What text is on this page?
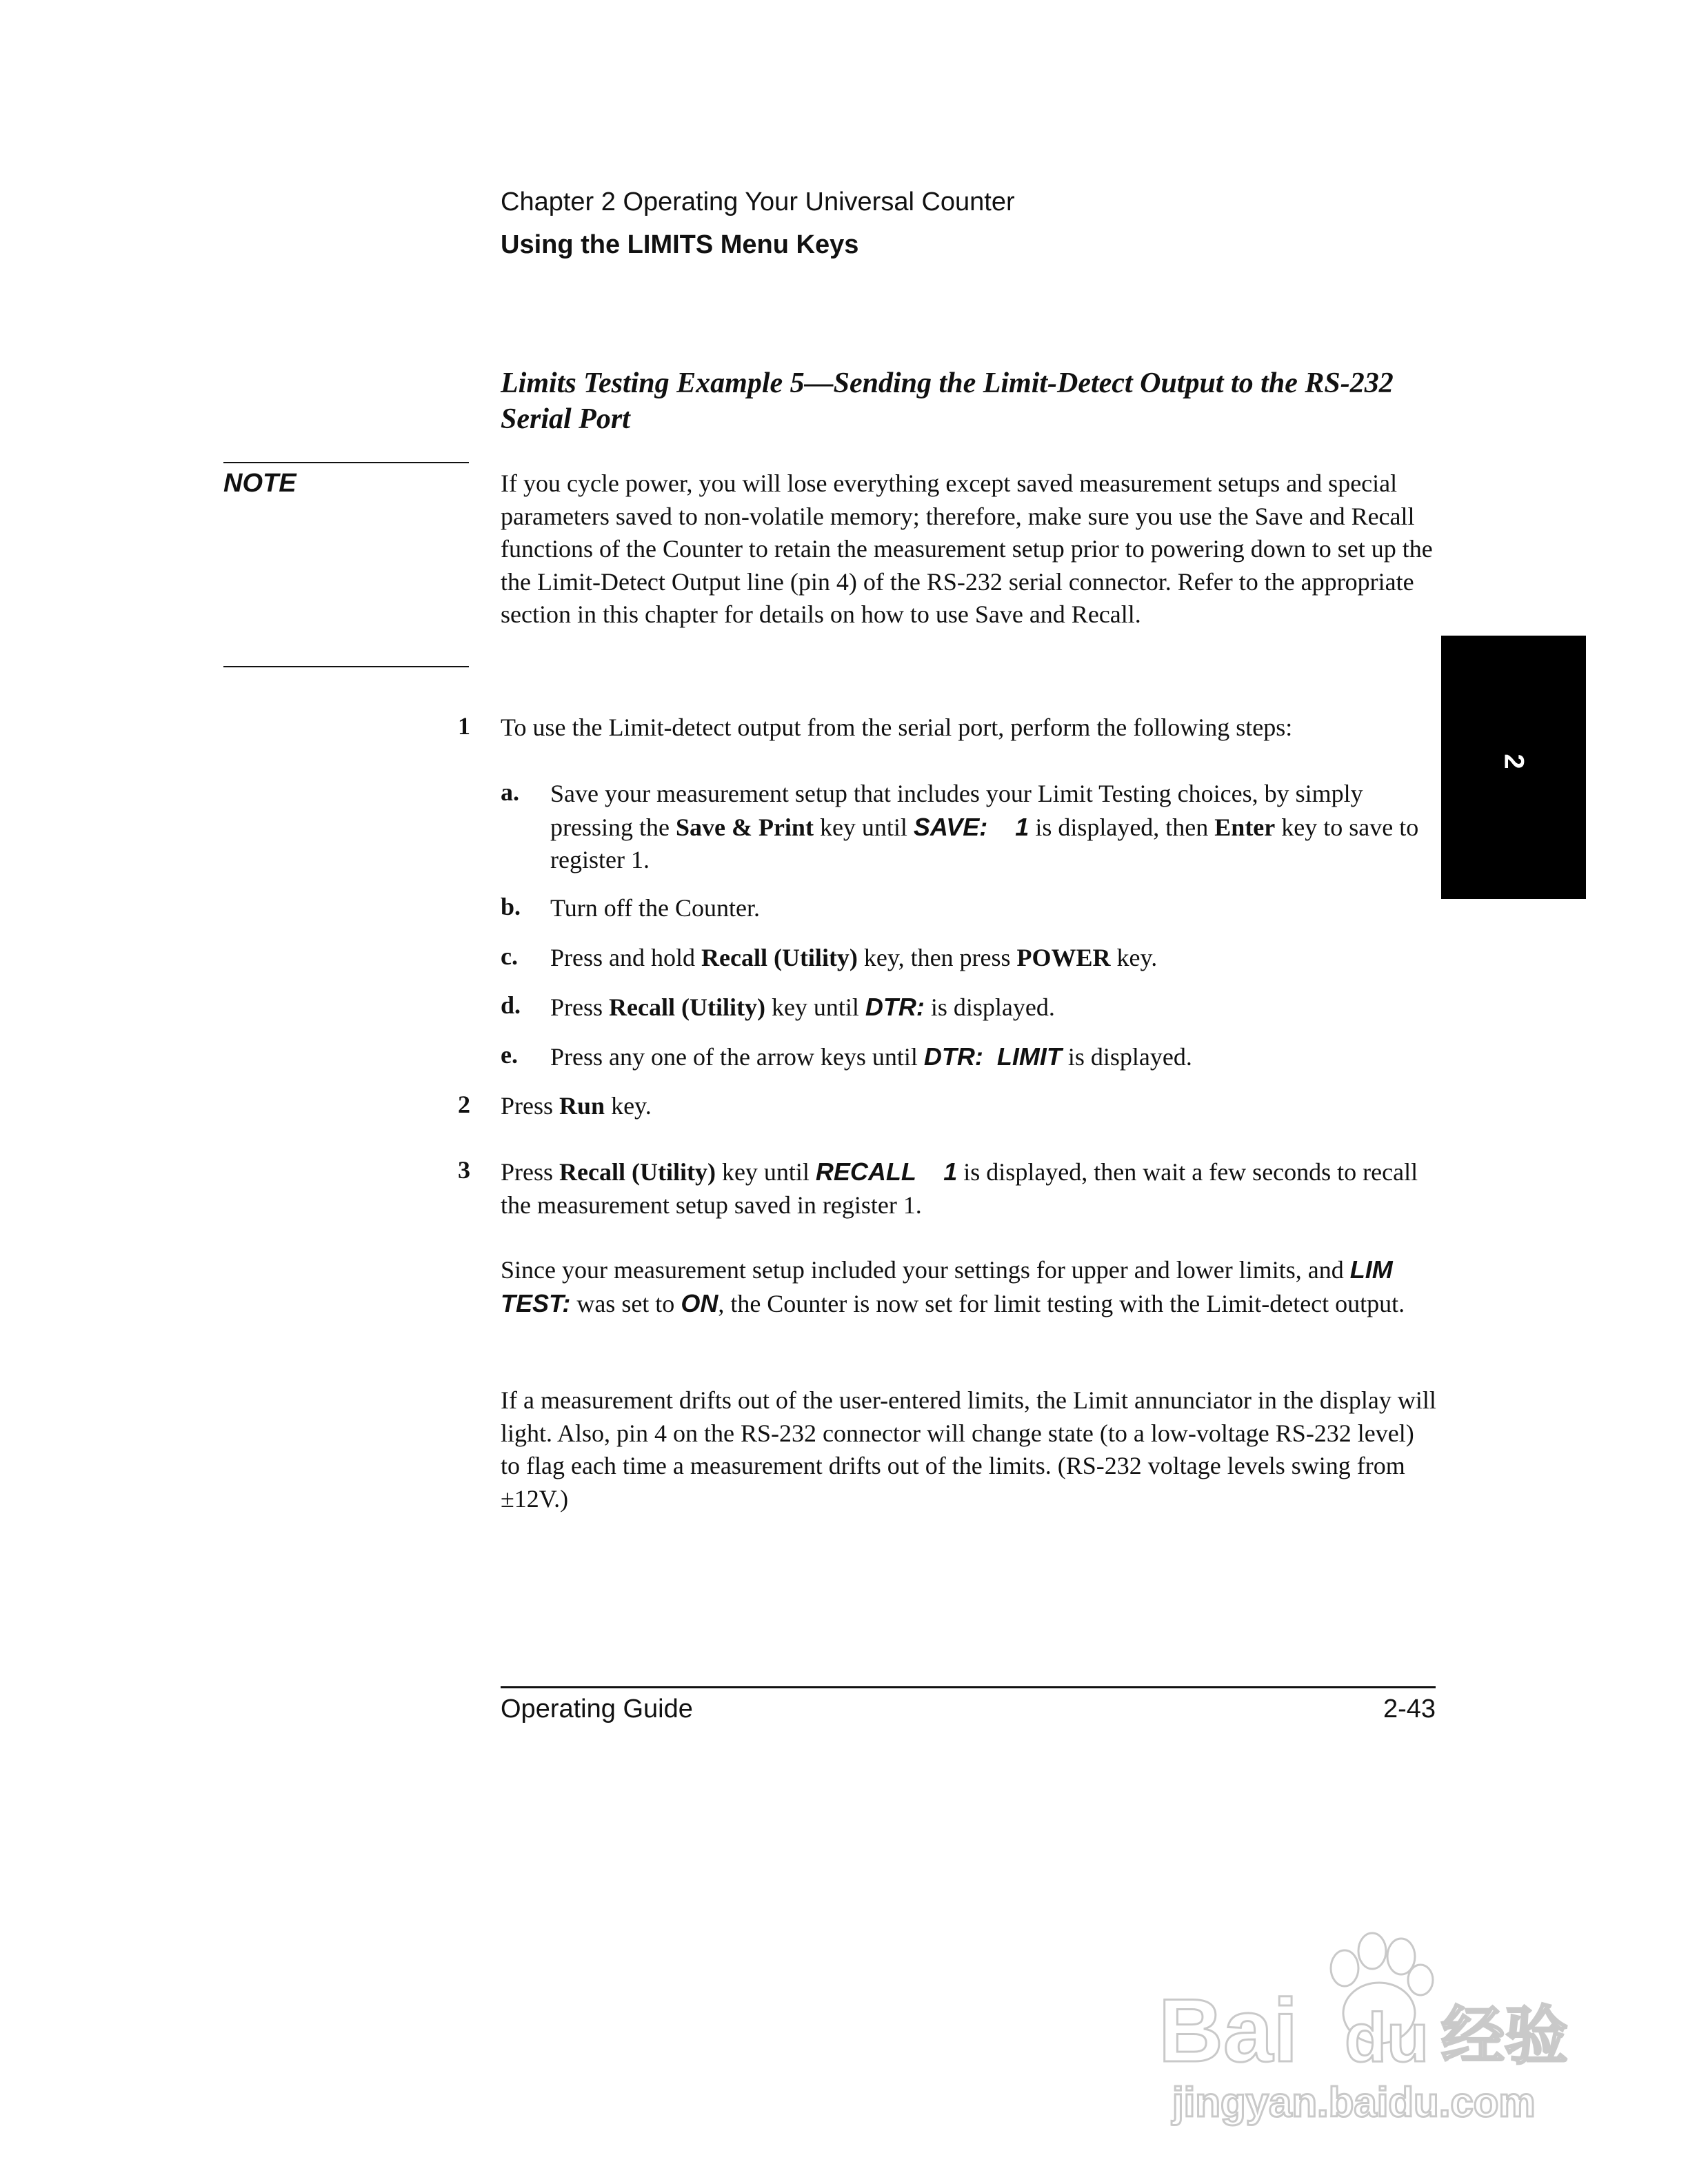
Chapter 2 Operating Your Universal Counter
Using the LIMITS Menu Keys
Limits Testing Example 5—Sending the Limit-Detect Output to the RS-232 Serial Port
NOTE	If you cycle power, you will lose everything except saved measurement setups and special parameters saved to non-volatile memory; therefore, make sure you use the Save and Recall functions of the Counter to retain the measurement setup prior to powering down to set up the the Limit-Detect Output line (pin 4) of the RS-232 serial connector. Refer to the appropriate section in this chapter for details on how to use Save and Recall.
1 To use the Limit-detect output from the serial port, perform the following steps:
a. Save your measurement setup that includes your Limit Testing choices, by simply pressing the Save & Print key until SAVE:    1 is displayed, then Enter key to save to register 1.
b. Turn off the Counter.
c. Press and hold Recall (Utility) key, then press POWER key.
d. Press Recall (Utility) key until DTR: is displayed.
e. Press any one of the arrow keys until DTR:  LIMIT is displayed.
2 Press Run key.
3 Press Recall (Utility) key until RECALL    1 is displayed, then wait a few seconds to recall the measurement setup saved in register 1.
Since your measurement setup included your settings for upper and lower limits, and LIM TEST: was set to ON, the Counter is now set for limit testing with the Limit-detect output.
If a measurement drifts out of the user-entered limits, the Limit annunciator in the display will light. Also, pin 4 on the RS-232 connector will change state (to a low-voltage RS-232 level) to flag each time a measurement drifts out of the limits. (RS-232 voltage levels swing from ±12V.)
2
Operating Guide	2-43
Bai du 经验
jingyan.baidu.com
